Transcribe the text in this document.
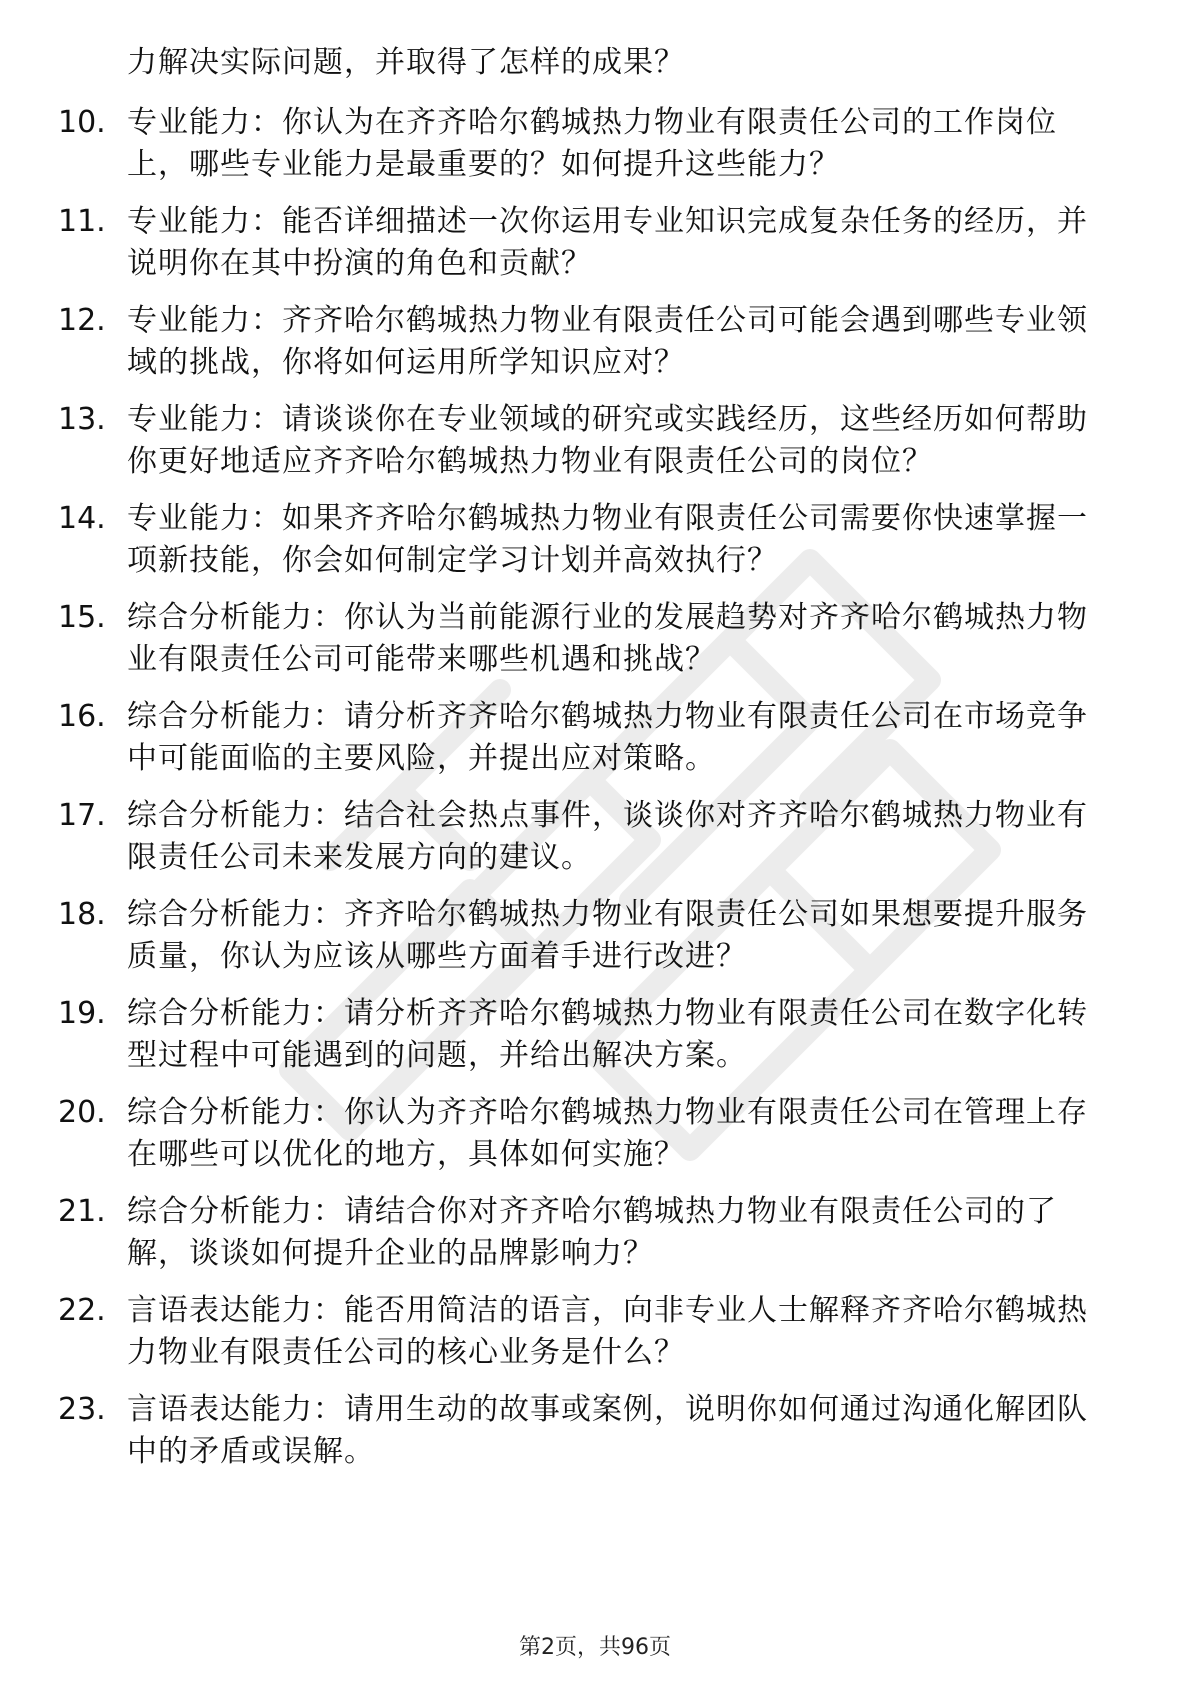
力解决实际问题，并取得了怎样的成果？
10. 专业能力：你认为在齐齐哈尔鹤城热力物业有限责任公司的工作岗位上，哪些专业能力是最重要的？如何提升这些能力？
11. 专业能力：能否详细描述一次你运用专业知识完成复杂任务的经历，并说明你在其中扮演的角色和贡献？
12. 专业能力：齐齐哈尔鹤城热力物业有限责任公司可能会遇到哪些专业领域的挑战，你将如何运用所学知识应对？
13. 专业能力：请谈谈你在专业领域的研究或实践经历，这些经历如何帮助你更好地适应齐齐哈尔鹤城热力物业有限责任公司的岗位？
14. 专业能力：如果齐齐哈尔鹤城热力物业有限责任公司需要你快速掌握一项新技能，你会如何制定学习计划并高效执行？
15. 综合分析能力：你认为当前能源行业的发展趋势对齐齐哈尔鹤城热力物业有限责任公司可能带来哪些机遇和挑战？
16. 综合分析能力：请分析齐齐哈尔鹤城热力物业有限责任公司在市场竞争中可能面临的主要风险，并提出应对策略。
17. 综合分析能力：结合社会热点事件，谈谈你对齐齐哈尔鹤城热力物业有限责任公司未来发展方向的建议。
18. 综合分析能力：齐齐哈尔鹤城热力物业有限责任公司如果想要提升服务质量，你认为应该从哪些方面着手进行改进？
19. 综合分析能力：请分析齐齐哈尔鹤城热力物业有限责任公司在数字化转型过程中可能遇到的问题，并给出解决方案。
20. 综合分析能力：你认为齐齐哈尔鹤城热力物业有限责任公司在管理上存在哪些可以优化的地方，具体如何实施？
21. 综合分析能力：请结合你对齐齐哈尔鹤城热力物业有限责任公司的了解，谈谈如何提升企业的品牌影响力？
22. 言语表达能力：能否用简洁的语言，向非专业人士解释齐齐哈尔鹤城热力物业有限责任公司的核心业务是什么？
23. 言语表达能力：请用生动的故事或案例，说明你如何通过沟通化解团队中的矛盾或误解。
第2页，共96页
